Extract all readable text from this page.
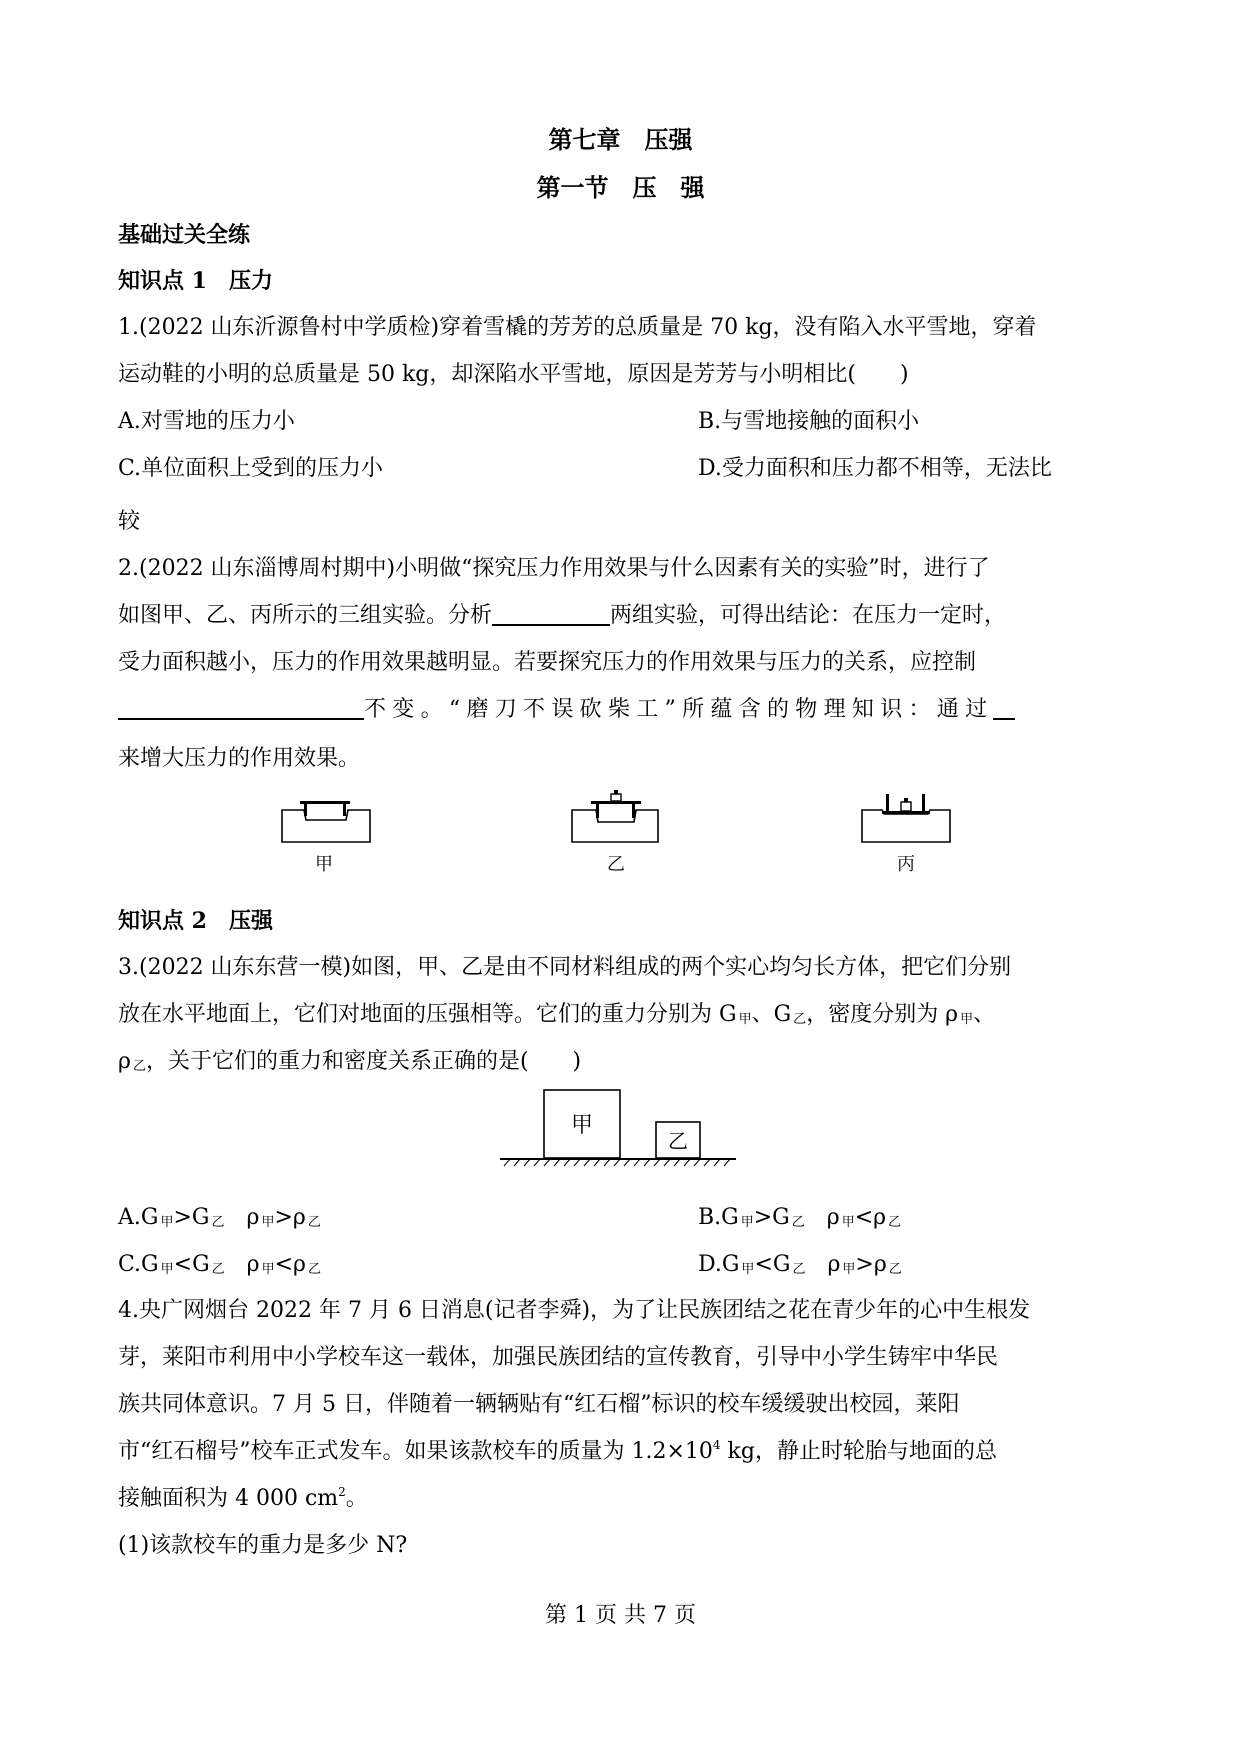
第七章　压强
第一节　压　强
基础过关全练
知识点 1　压力
1.(2022 山东沂源鲁村中学质检)穿着雪橇的芳芳的总质量是 70 kg，没有陷入水平雪地，穿着
运动鞋的小明的总质量是 50 kg，却深陷水平雪地，原因是芳芳与小明相比( )
A.对雪地的压力小	B.与雪地接触的面积小
C.单位面积上受到的压力小	D.受力面积和压力都不相等，无法比
较
2.(2022 山东淄博周村期中)小明做“探究压力作用效果与什么因素有关的实验”时，进行了
如图甲、乙、丙所示的三组实验。分析	两组实验，可得出结论：在压力一定时，
受力面积越小，压力的作用效果越明显。若要探究压力的作用效果与压力的关系，应控制
不变。“磨刀不误砍柴工”所蕴含的物理知识：通过
来增大压力的作用效果。
甲	乙	丙
知识点 2　压强
3.(2022 山东东营一模)如图，甲、乙是由不同材料组成的两个实心均匀长方体，把它们分别
放在水平地面上，它们对地面的压强相等。它们的重力分别为 G 甲、G 乙，密度分别为 ρ 甲、
ρ乙，关于它们的重力和密度关系正确的是( )
甲
乙
A.G 甲>G 乙　ρ 甲>ρ 乙	B.G 甲>G 乙　ρ 甲<ρ 乙
C.G 甲<G 乙　ρ 甲<ρ 乙	D.G 甲<G 乙　ρ 甲>ρ 乙
4.央广网烟台 2022 年 7 月 6 日消息(记者李舜)，为了让民族团结之花在青少年的心中生根发
芽，莱阳市利用中小学校车这一载体，加强民族团结的宣传教育，引导中小学生铸牢中华民
族共同体意识。7 月 5 日，伴随着一辆辆贴有“红石榴”标识的校车缓缓驶出校园，莱阳
市“红石榴号”校车正式发车。如果该款校车的质量为 $1.2\times 10^4$ kg，静止时轮胎与地面的总
接触面积为 4 000 $cm^2$。
(1)该款校车的重力是多少 N?
第 1 页 共 7 页
